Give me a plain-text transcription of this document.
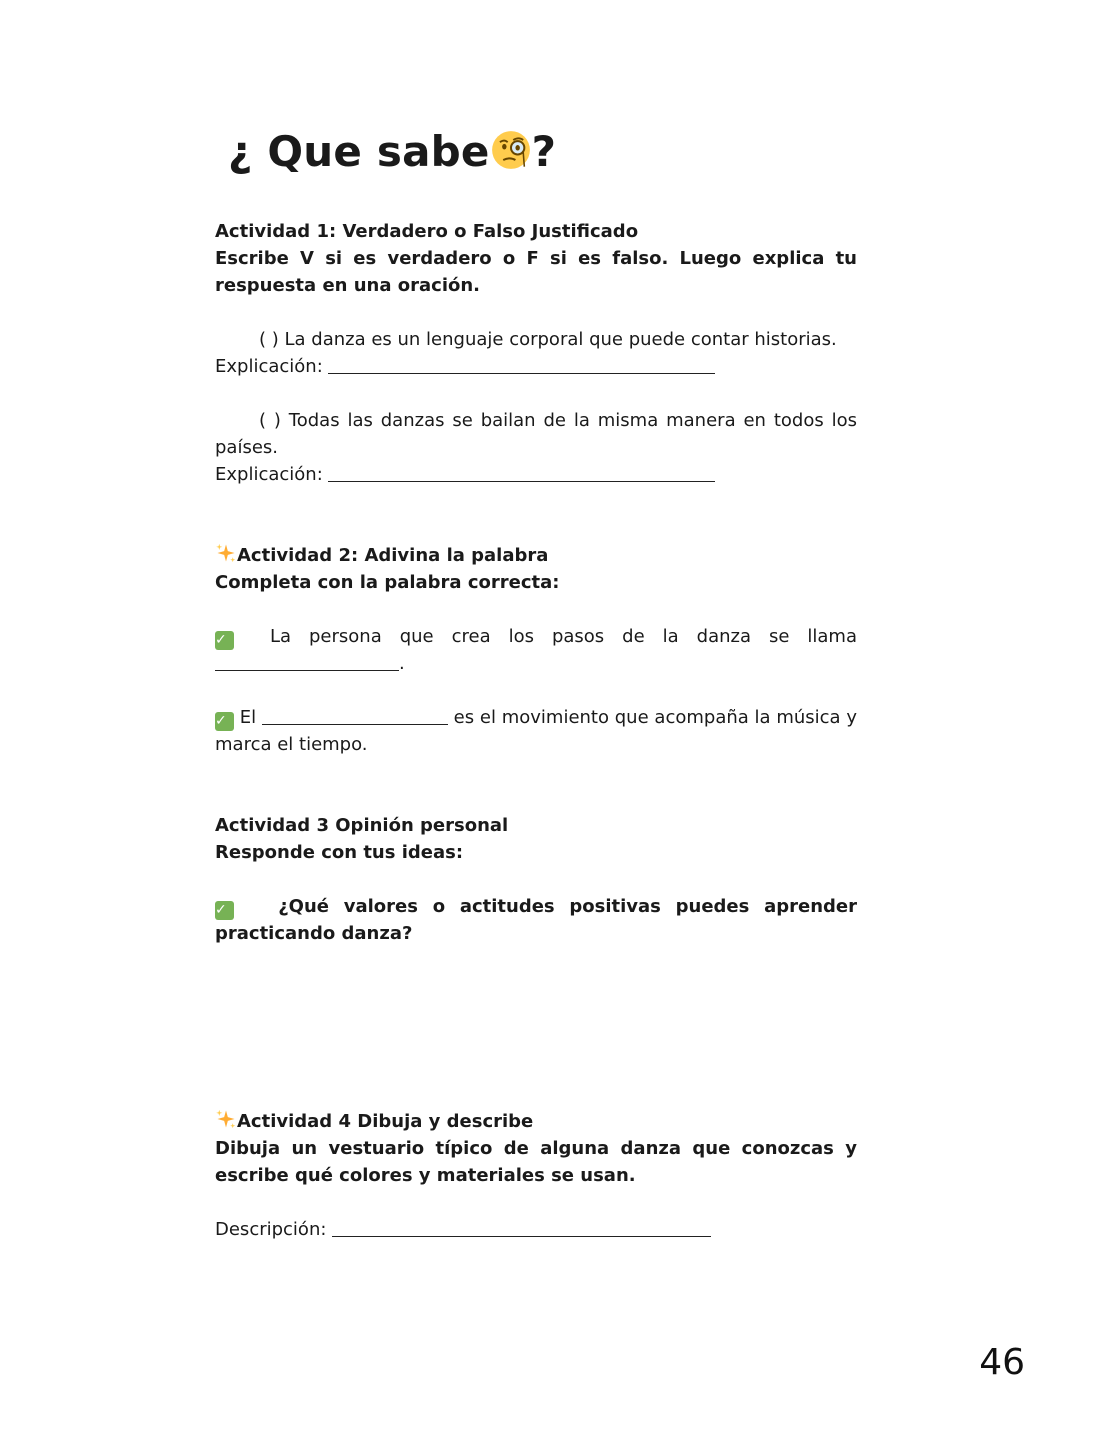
¿ Que sabe ?

Actividad 1: Verdadero o Falso Justificado

Escribe V si es verdadero o F si es falso. Luego explica tu respuesta en una oración.

( ) La danza es un lenguaje corporal que puede contar historias.

Explicación:

( ) Todas las danzas se bailan de la misma manera en todos los países.

Explicación:

Actividad 2: Adivina la palabra

Completa con la palabra correcta:

✓ La persona que crea los pasos de la danza se llama

.

✓ El	es el movimiento que acompaña la música y marca el tiempo.

Actividad 3 Opinión personal

Responde con tus ideas:

✓	¿Qué valores o actitudes positivas puedes aprender practicando danza?

Actividad 4 Dibuja y describe

Dibuja un vestuario típico de alguna danza que conozcas y escribe qué colores y materiales se usan.

Descripción:

46
